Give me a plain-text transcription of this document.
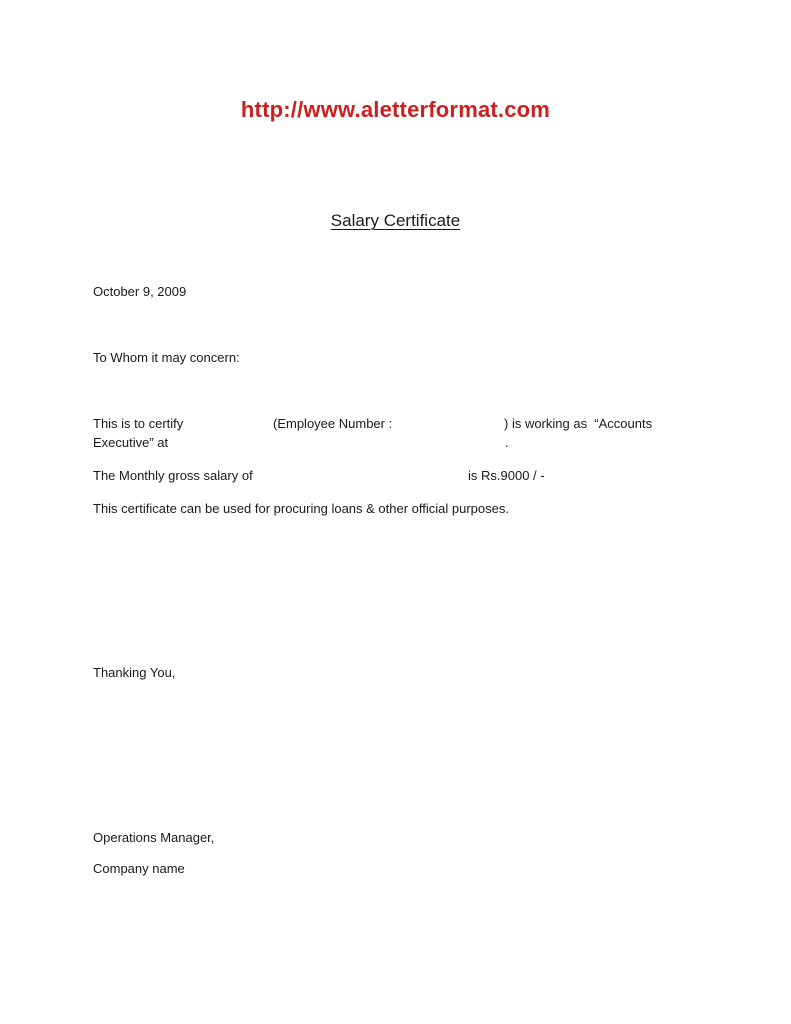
http://www.aletterformat.com
Salary Certificate
October 9, 2009
To Whom it may concern:
This is to certify	(Employee Number :	) is working as  “Accounts
Executive” at	.
The Monthly gross salary of	is Rs.9000 / -
This certificate can be used for procuring loans & other official purposes.
Thanking You,
Operations Manager,
Company name
